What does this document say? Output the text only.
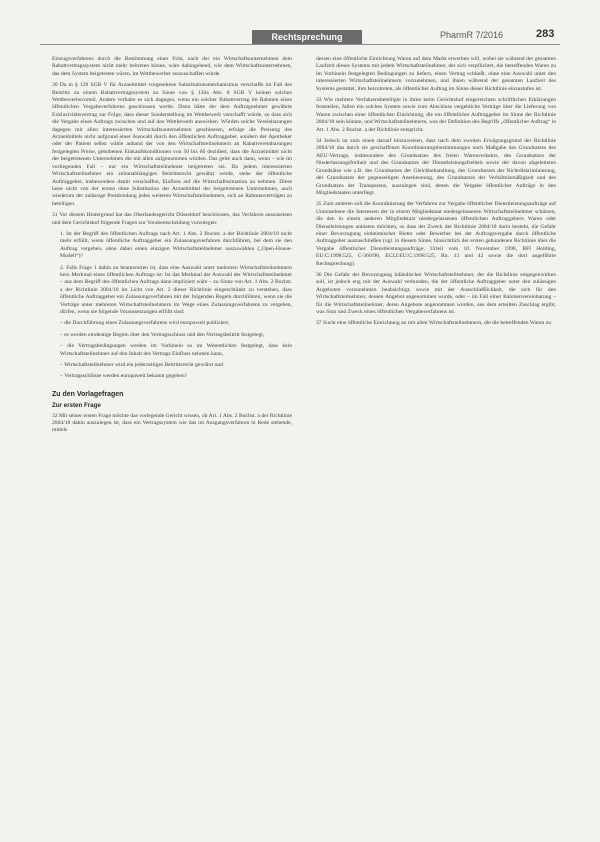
Rechtsprechung	PharmR 7/2016	283

Einzugsverfahrens durch die Bestimmung einer Frist, nach der ein Wirtschaftsunternehmen dem Rabattvertragssystem nicht mehr beitreten könne, wäre dahingehend, wie dem Wirtschaftsunternehmen, das dem System beigetreten wären, im Wettbewerber auszuschaffen würde.

30 Da in § 129 SGB V für Arzneimittel vorgesehene Substitutionsmechanismus verschaffe im Fall des Beitritts zu einem Rabattvertragssystem zu Sinne von § 130a Abs. 8 SGB V keinen solchen Wettbewerbsvorteil. Andere verhalte es sich dagegen, wenn ein solcher Rabattvertrag im Rahmen eines öffentlichen Vergabeverfahrens geschlossen werde. Dann hätte der dem Auftragnehmer gewährte Exklusivitätsvertrag zur Folge, dass dieser Sonderstellung im Wettbewerb verschafft würde, so dass sich die Vergabe eines Auftrags zwischen und auf den Wettbewerb auswirken. Würden solche Vereinbarungen dagegen mit allen interessierten Wirtschaftsunternehmen geschlossen, erfolge die Preisung des Arzneimittels nicht aufgrund einer Auswahl durch den öffentlichen Auftraggeber, sondern der Apotheker oder der Patient selbst wähle anhand der von den Wirtschaftsteilnehmern an Rabattvereinbarungen festgelegten Preise, gehobenen Einkaufskonditionen von 50 bis 60 dezidiert, dass die Arzneimittel nicht der beigetretenen Unternehmen die mit allen aufgenommen würden. Das gelte auch dann, wenn – wie im vorliegenden Fall – nur ein Wirtschaftsteilnehmer beigetreten sei. Da jedem interessierten Wirtschaftsteilnehmer ein zeitunabhängiges Beitrittsrecht gewährt werde, stehe der öffentliche Auftraggeber, insbesondere damit verschaffen, Einfluss auf die Wirtschaftssituation zu nehmen. Diese lasse nicht von der ersten ohne Substitution der Arzneimittel der beigetretenen Unternehmen, auch wiederum der zulässige Preisbindung jedes weiteren Wirtschaftsteilnehmers, sich an Rahmenverträgen zu beteiligen.

31 Vor diesem Hintergrund hat das Oberlandesgericht Düsseldorf beschlossen, das Verfahren auszusetzen und dem Gerichtshof folgende Fragen zur Vorabentscheidung vorzulegen:

1. Ist der Begriff des öffentlichen Auftrags nach Art. 1 Abs. 2 Buchst. a der Richtlinie 2004/18 nicht mehr erfüllt, wenn öffentliche Auftraggeber ein Zulassungsverfahren durchführen, bei dem sie den Auftrag vergeben, ohne dabei einen einzigen Wirtschaftsteilnehmer auszuwählen („Open-House-Modell“)?

2. Falls Frage 1 dahin zu beantworten ist, dass eine Auswahl unter mehreren Wirtschaftsteilnehmern kein Merkmal eines öffentlichen Auftrags ist: Ist das Merkmal der Auswahl der Wirtschaftsteilnehmer – aus dem Begriff des öffentlichen Auftrags dann impliziert wäre – zu Sinne von Art. 1 Abs. 2 Buchst. a der Richtlinie 2004/18 im Licht von Art. 2 dieser Richtlinie eingeschränkt zu verstehen, dass öffentliche Auftraggeber ein Zulassungsverfahren mit der folgenden Regeln durchführen, wenn sie die Verträge unter mehreren Wirtschaftsteilnehmern im Wege eines Zulassungsverfahrens zu vergeben, dürfen, wenn sie folgende Voraussetzungen erfüllt sind:

– die Durchführung eines Zulassungsverfahrens wird europaweit publiziert,

– es werden eindeutige Regeln über den Vertragsschluss und den Vertragsbeitritt festgelegt,

– die Vertragsbedingungen werden im Vorhinein so im Wesentlichen festgelegt, dass kein Wirtschaftsteilnehmer auf den Inhalt des Vertrags Einfluss nehmen kann,

– Wirtschaftsteilnehmer wird ein jederzeitiges Beitrittsrecht gewährt und

– Vertragsschlüsse werden europaweit bekannt gegeben?

Zu den Vorlagefragen
Zur ersten Frage

32 Mit seiner ersten Frage möchte das vorlegende Gericht wissen, ob Art. 1 Abs. 2 Buchst. a der Richtlinie 2004/18 dahin auszulegen ist, dass ein Vertragssystem wie das im Ausgangsverfahren in Rede stehende, mittels

dessen eine öffentliche Einrichtung Waren auf dem Markt erwerben will, wobei sie während der gesamten Laufzeit dieses Systems mit jedem Wirtschaftsteilnehmer, der sich verpflichtet, die betreffenden Waren zu im Vorhinein festgelegten Bedingungen zu liefern, einen Vertrag schließt, ohne eine Auswahl unter den interessierten Wirtschaftsteilnehmern vorzunehmen, und ihnen während der gesamten Laufzeit des Systems gestattet, ihm beizutreten, als öffentlicher Auftrag im Sinne dieser Richtlinie einzustufen ist.

33 Wie mehrere Verfahrensbeteiligte in ihren beim Gerichtshof eingereichten schriftlichen Erklärungen feststellen, fallen ein solches System sowie zum Abschluss vergebliche Verträge über die Lieferung von Waren zwischen einer öffentlichen Einrichtung, die ein öffentlicher Auftraggeber im Sinne der Richtlinie 2004/18 sein könnte, und Wirtschaftsteilnehmern, was der Definition des Begriffs „öffentlicher Auftrag“ in Art. 1 Abs. 2 Buchst. a der Richtlinie entspricht.

34 Jedoch ist zum einen darauf hinzuweisen, dass nach dem zweiten Erwägungsgrund der Richtlinie 2004/18 das durch sie geschaffenen Koordinierungsbestimmungen nach Maßgabe des Grundsatzes des AEU-Vertrags, insbesondere des Grundsatzes des freien Warenverkehrs, des Grundsatzes der Niederlassungsfreiheit und des Grundsatzes der Dienstleistungsfreiheit sowie der davon abgeleiteten Grundsätze wie z.B. des Grundsatzes der Gleichbehandlung, des Grundsatzes der Nichtdiskriminierung, des Grundsatzes der gegenseitigen Anerkennung, des Grundsatzes der Verhältnismäßigkeit und des Grundsatzes der Transparenz, auszulegen sind, denen die Vergabe öffentlicher Aufträge in den Mitgliedstaaten unterliegt.

35 Zum anderen soll die Koordinierung der Verfahren zur Vergabe öffentlicher Dienstleistungsaufträge auf Unionsebene die Interessen der in einem Mitgliedstaat niedergelassenen Wirtschaftsteilnehmer schützen, die den in einem anderen Mitgliedstaat niedergelassenen öffentlichen Auftraggebern Waren oder Dienstleistungen anbieten möchten, so dass der Zweck der Richtlinie 2004/18 darin besteht, die Gefahr einer Bevorzugung einheimischer Bieter oder Bewerber bei der Auftragsvergabe durch öffentliche Auftraggeber auszuschließen (vgl. in diesem Sinne, hinsichtlich der ersten gebundenen Richtlinie über die Vergabe öffentlicher Dienstleistungsaufträge, Urteil vom 10. November 1998, BFI Holding, EU:C:1998:525, C-360/96, ECLI:EU:C:1998:525, Rn. 41 und 42 sowie die dort angeführte Rechtsprechung).

36 Die Gefahr der Bevorzugung inländischer Wirtschaftsteilnehmer, der die Richtlinie entgegenwirken soll, ist jedoch eng mit der Auswahl verbunden, die der öffentliche Auftraggeber unter den zulässigen Angeboten vorzunehmen beabsichtigt, sowie mit der Ausschließlichkeit, die sich für den Wirtschaftsteilnehmer, dessen Angebot angenommen wurde, oder – im Fall einer Rahmenvereinbarung – für die Wirtschaftsteilnehmer, deren Angebote angenommen wurden, aus dem erteilten Zuschlag ergibt, was Sinn und Zweck eines öffentlichen Vergabeverfahrens ist.

37 Sucht eine öffentliche Einrichtung an mit allen Wirtschaftsteilnehmern, die die betreffenden Waren zu
